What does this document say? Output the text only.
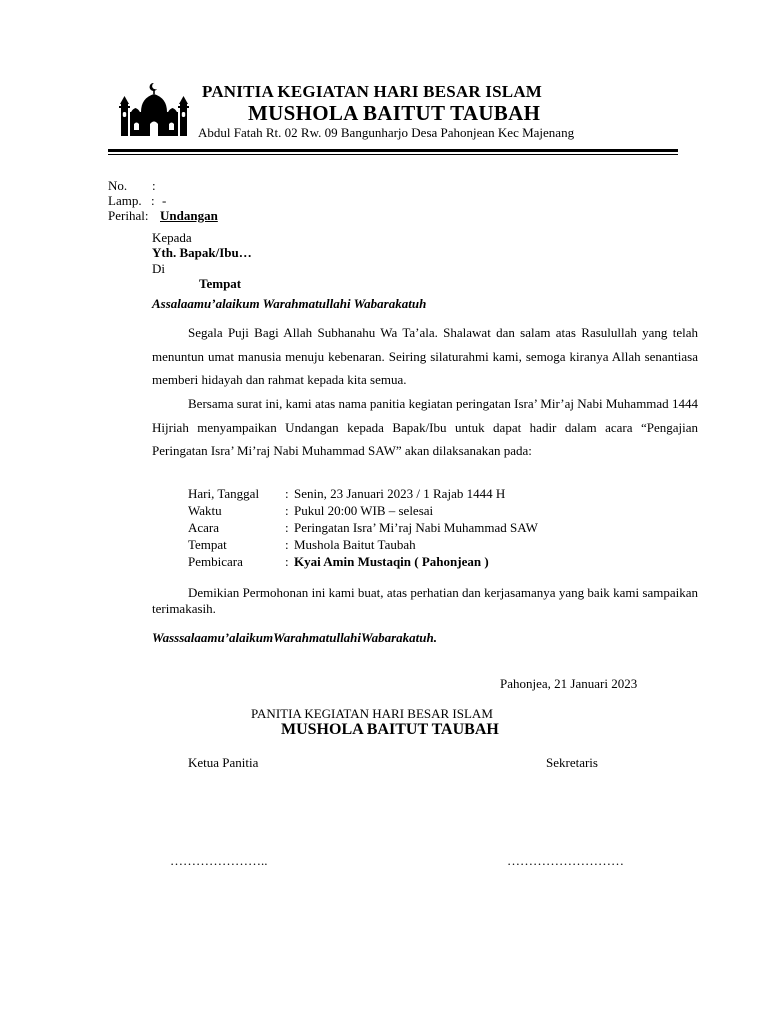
PANITIA KEGIATAN HARI BESAR ISLAM
MUSHOLA BAITUT TAUBAH
Abdul Fatah Rt. 02 Rw. 09 Bangunharjo Desa Pahonjean Kec Majenang
No. :
Lamp. : -
Perihal: Undangan
Kepada
Yth. Bapak/Ibu…
Di
Tempat
Assalaamu’alaikum Warahmatullahi Wabarakatuh
Segala Puji Bagi Allah Subhanahu Wa Ta’ala. Shalawat dan salam atas Rasulullah yang telah menuntun umat manusia menuju kebenaran. Seiring silaturahmi kami, semoga kiranya Allah senantiasa memberi hidayah dan rahmat kepada kita semua.
Bersama surat ini, kami atas nama panitia kegiatan peringatan Isra’ Mir’aj Nabi Muhammad 1444 Hijriah menyampaikan Undangan kepada Bapak/Ibu untuk dapat hadir dalam acara “Pengajian Peringatan Isra’ Mi’raj Nabi Muhammad SAW” akan dilaksanakan pada:
Hari, Tanggal : Senin, 23 Januari 2023 / 1 Rajab 1444 H
Waktu	: Pukul 20:00 WIB – selesai
Acara	: Peringatan Isra’ Mi’raj Nabi Muhammad SAW
Tempat	: Mushola Baitut Taubah
Pembicara	: Kyai Amin Mustaqin ( Pahonjean )
Demikian Permohonan ini kami buat, atas perhatian dan kerjasamanya yang baik kami sampaikan terimakasih.
WasssalaamuʼalaikumWarahmatullahiWabarakatuh.
Pahonjea, 21 Januari 2023
PANITIA KEGIATAN HARI BESAR ISLAM
MUSHOLA BAITUT TAUBAH
Ketua Panitia	Sekretaris
…………………..	………………………
